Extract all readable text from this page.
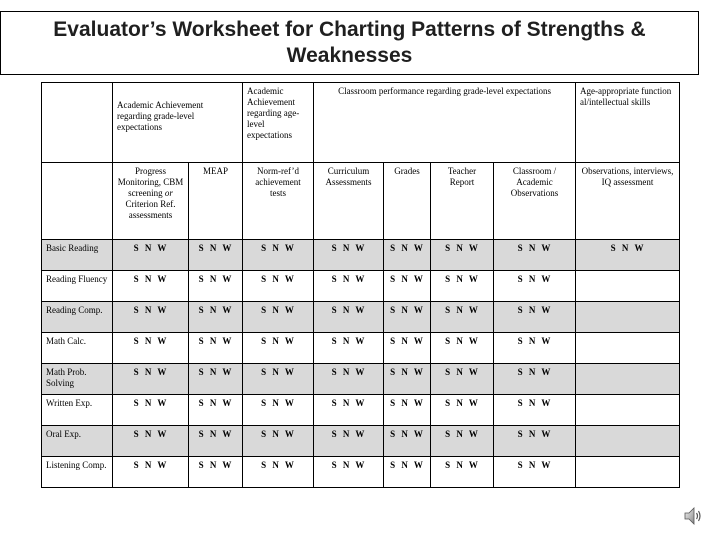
Evaluator’s Worksheet for Charting Patterns of Strengths & Weaknesses

	Academic Achievement regarding grade-level expectations		Academic Achievement regarding age-level expectations	Classroom performance regarding grade-level expectations				Age-appropriate functional/intellectual skills
	Progress Monitoring, CBM screening or Criterion Ref. assessments	MEAP	Norm-ref’d achievement tests	Curriculum Assessments	Grades	Teacher Report	Classroom / Academic Observations	Observations, interviews, IQ assessment
Basic Reading	S N W	S N W	S N W	S N W	S N W	S N W	S N W	S N W
Reading Fluency	S N W	S N W	S N W	S N W	S N W	S N W	S N W	
Reading Comp.	S N W	S N W	S N W	S N W	S N W	S N W	S N W	
Math Calc.	S N W	S N W	S N W	S N W	S N W	S N W	S N W	
Math Prob. Solving	S N W	S N W	S N W	S N W	S N W	S N W	S N W	
Written Exp.	S N W	S N W	S N W	S N W	S N W	S N W	S N W	
Oral Exp.	S N W	S N W	S N W	S N W	S N W	S N W	S N W	
Listening Comp.	S N W	S N W	S N W	S N W	S N W	S N W	S N W	
